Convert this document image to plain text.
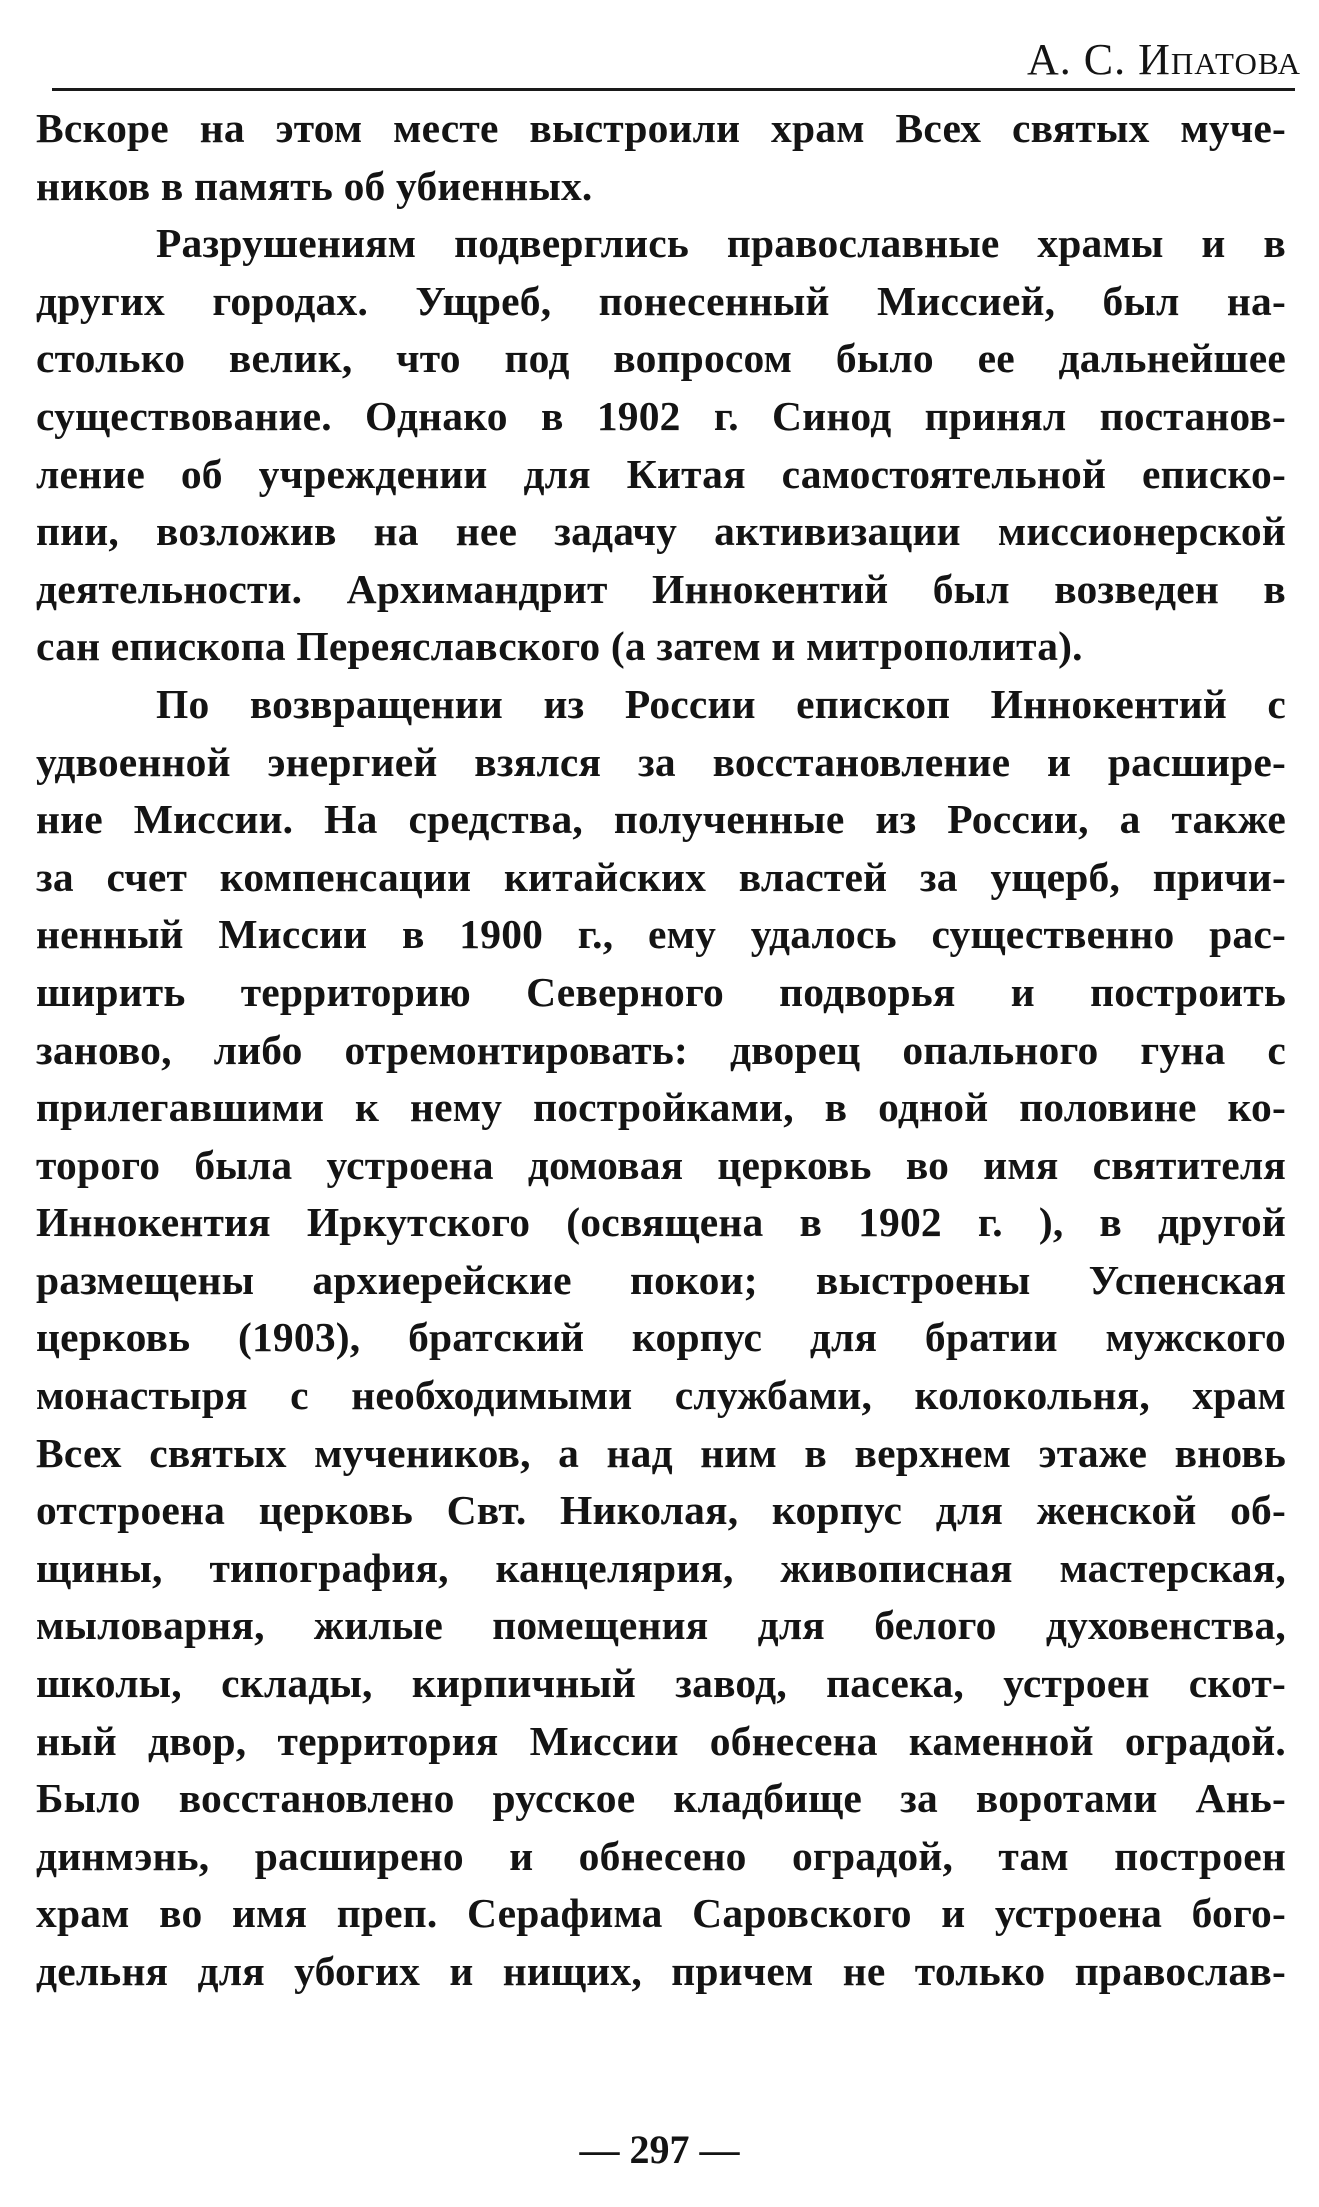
А. С. Ипатова
Вскоре на этом месте выстроили храм Всех святых муче-
ников в память об убиенных.
Разрушениям подверглись православные храмы и в
других городах. Ущреб, понесенный Миссией, был на-
столько велик, что под вопросом было ее дальнейшее
существование. Однако в 1902 г. Синод принял постанов-
ление об учреждении для Китая самостоятельной еписко-
пии, возложив на нее задачу активизации миссионерской
деятельности. Архимандрит Иннокентий был возведен в
сан епископа Переяславского (а затем и митрополита).
По возвращении из России епископ Иннокентий с
удвоенной энергией взялся за восстановление и расшире-
ние Миссии. На средства, полученные из России, а также
за счет компенсации китайских властей за ущерб, причи-
ненный Миссии в 1900 г., ему удалось существенно рас-
ширить территорию Северного подворья и построить
заново, либо отремонтировать: дворец опального гуна с
прилегавшими к нему постройками, в одной половине ко-
торого была устроена домовая церковь во имя святителя
Иннокентия Иркутского (освящена в 1902 г. ), в другой
размещены архиерейские покои; выстроены Успенская
церковь (1903), братский корпус для братии мужского
монастыря с необходимыми службами, колокольня, храм
Всех святых мучеников, а над ним в верхнем этаже вновь
отстроена церковь Свт. Николая, корпус для женской об-
щины, типография, канцелярия, живописная мастерская,
мыловарня, жилые помещения для белого духовенства,
школы, склады, кирпичный завод, пасека, устроен скот-
ный двор, территория Миссии обнесена каменной оградой.
Было восстановлено русское кладбище за воротами Ань-
динмэнь, расширено и обнесено оградой, там построен
храм во имя преп. Серафима Саровского и устроена бого-
дельня для убогих и нищих, причем не только православ-
— 297 —
